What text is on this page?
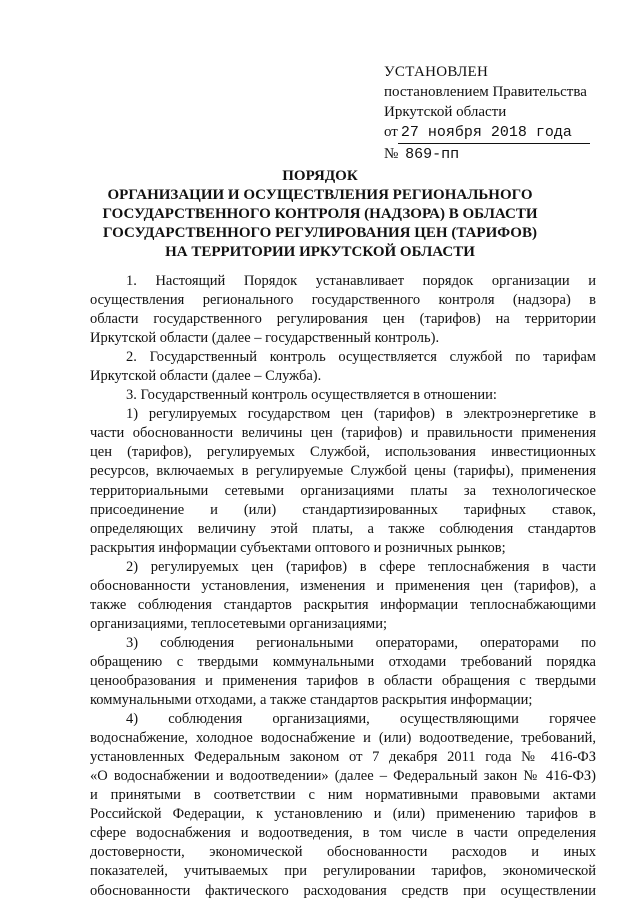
УСТАНОВЛЕН
постановлением Правительства
Иркутской области
от 27 ноября 2018 года
№ 869-пп
ПОРЯДОК
ОРГАНИЗАЦИИ И ОСУЩЕСТВЛЕНИЯ РЕГИОНАЛЬНОГО
ГОСУДАРСТВЕННОГО КОНТРОЛЯ (НАДЗОРА) В ОБЛАСТИ
ГОСУДАРСТВЕННОГО РЕГУЛИРОВАНИЯ ЦЕН (ТАРИФОВ)
НА ТЕРРИТОРИИ ИРКУТСКОЙ ОБЛАСТИ

1. Настоящий Порядок устанавливает порядок организации и
осуществления регионального государственного контроля (надзора) в
области государственного регулирования цен (тарифов) на территории
Иркутской области (далее – государственный контроль).

2. Государственный контроль осуществляется службой по тарифам
Иркутской области (далее – Служба).

3. Государственный контроль осуществляется в отношении:

1) регулируемых государством цен (тарифов) в электроэнергетике в
части обоснованности величины цен (тарифов) и правильности применения
цен (тарифов), регулируемых Службой, использования инвестиционных
ресурсов, включаемых в регулируемые Службой цены (тарифы), применения
территориальными сетевыми организациями платы за технологическое
присоединение и (или) стандартизированных тарифных ставок,
определяющих величину этой платы, а также соблюдения стандартов
раскрытия информации субъектами оптового и розничных рынков;

2) регулируемых цен (тарифов) в сфере теплоснабжения в части
обоснованности установления, изменения и применения цен (тарифов), а
также соблюдения стандартов раскрытия информации теплоснабжающими
организациями, теплосетевыми организациями;

3) соблюдения региональными операторами, операторами по
обращению с твердыми коммунальными отходами требований порядка
ценообразования и применения тарифов в области обращения с твердыми
коммунальными отходами, а также стандартов раскрытия информации;

4) соблюдения организациями, осуществляющими горячее
водоснабжение, холодное водоснабжение и (или) водоотведение, требований,
установленных Федеральным законом от 7 декабря 2011 года № 416-ФЗ
«О водоснабжении и водоотведении» (далее – Федеральный закон № 416-ФЗ)
и принятыми в соответствии с ним нормативными правовыми актами
Российской Федерации, к установлению и (или) применению тарифов в
сфере водоснабжения и водоотведения, в том числе в части определения
достоверности, экономической обоснованности расходов и иных
показателей, учитываемых при регулировании тарифов, экономической
обоснованности фактического расходования средств при осуществлении
